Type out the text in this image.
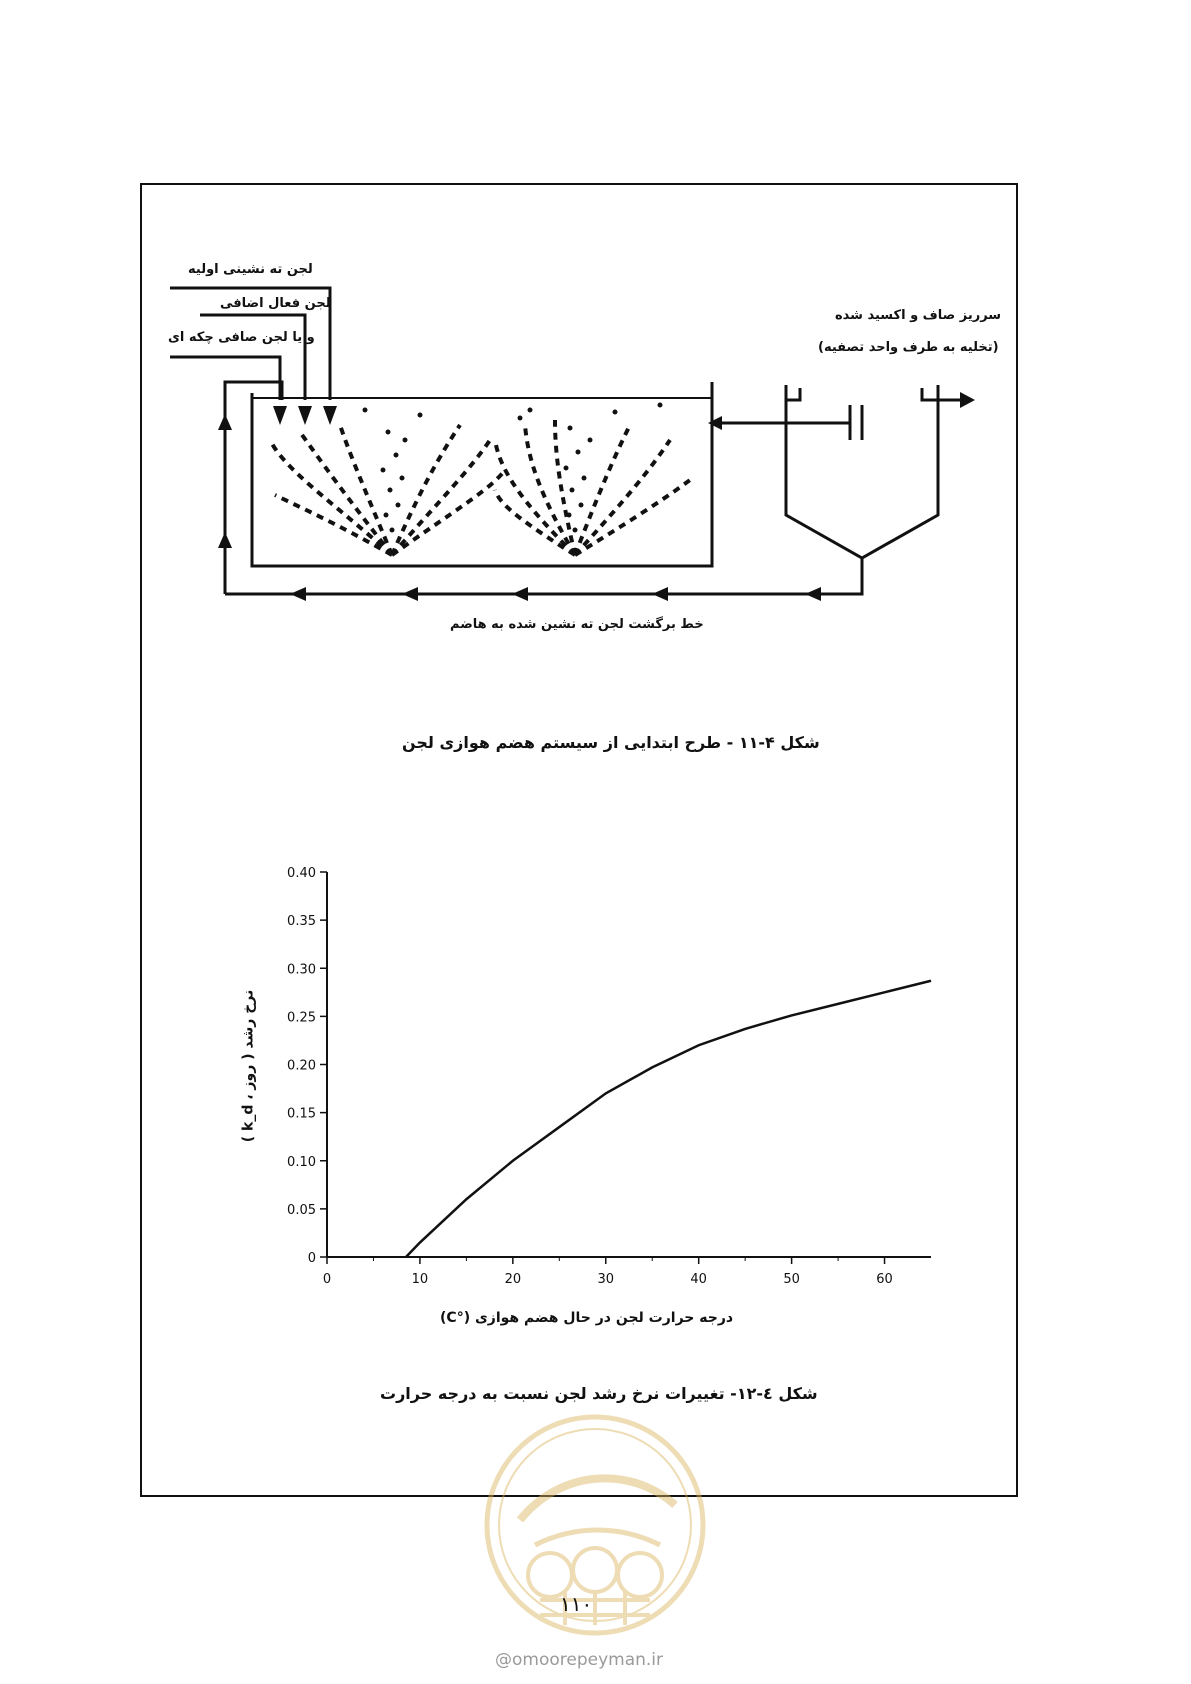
لجن ته نشینی اولیه
لجن فعال اضافی
و یا لجن صافی چکه ای
سرریز صاف و اکسید شده
(تخلیه به طرف واحد تصفیه)
خط برگشت لجن ته نشین شده به هاضم
شکل ۴-۱۱ - طرح ابتدایی از سیستم هضم هوازی لجن
0	10	20	30	40	50	60
0
0.05
0.10
0.15
0.20
0.25
0.30
0.35
0.40
درجه حرارت لجن در حال هضم هوازی (°C)
نرخ رشد ( روز ، k_d )
شکل ٤-۱۲- تغییرات نرخ رشد لجن نسبت به درجه حرارت
۱۱۰
@omoorepeyman.ir
